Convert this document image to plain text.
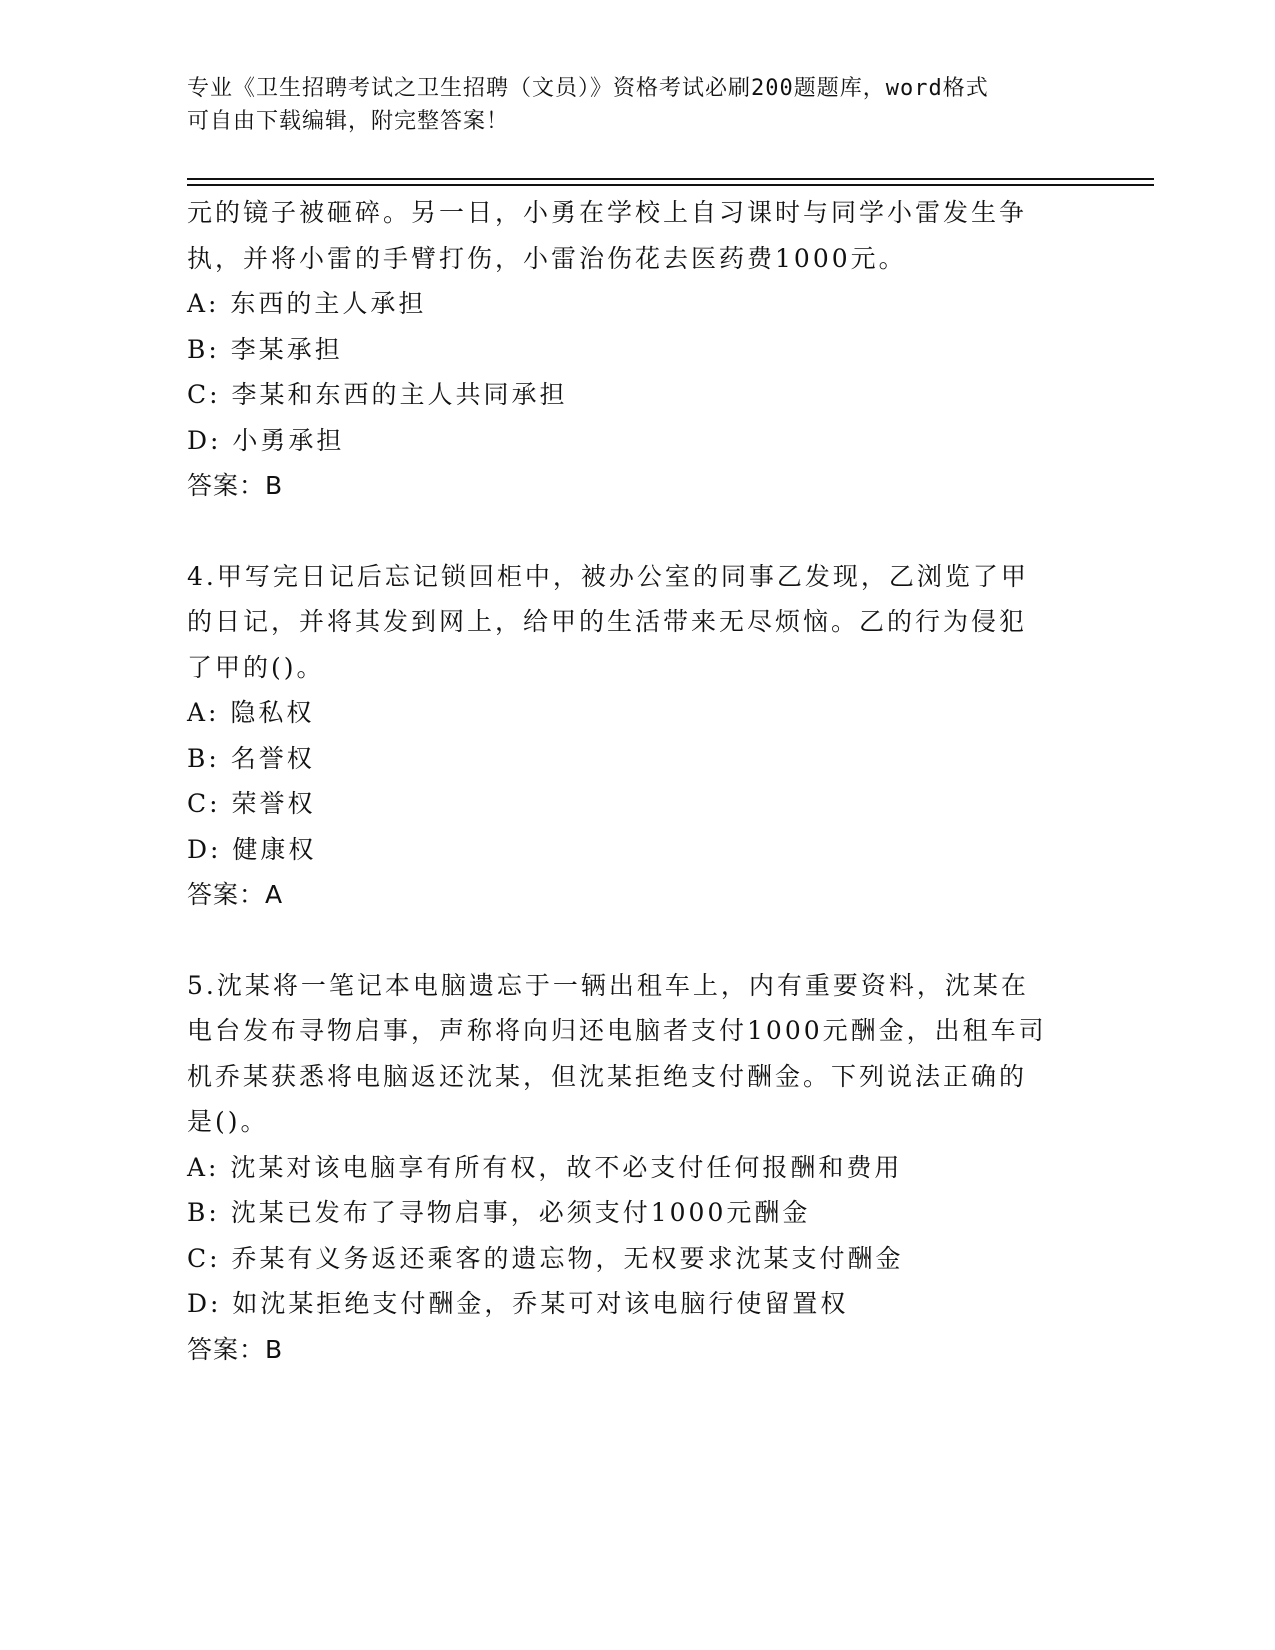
专业《卫生招聘考试之卫生招聘（文员）》资格考试必刷200题题库，word格式
可自由下载编辑，附完整答案！
元的镜子被砸碎。另一日，小勇在学校上自习课时与同学小雷发生争
执，并将小雷的手臂打伤，小雷治伤花去医药费1000元。
A: 东西的主人承担
B: 李某承担
C: 李某和东西的主人共同承担
D: 小勇承担
答案：B
4.甲写完日记后忘记锁回柜中，被办公室的同事乙发现，乙浏览了甲
的日记，并将其发到网上，给甲的生活带来无尽烦恼。乙的行为侵犯
了甲的()。
A: 隐私权
B: 名誉权
C: 荣誉权
D: 健康权
答案：A
5.沈某将一笔记本电脑遗忘于一辆出租车上，内有重要资料，沈某在
电台发布寻物启事，声称将向归还电脑者支付1000元酬金，出租车司
机乔某获悉将电脑返还沈某，但沈某拒绝支付酬金。下列说法正确的
是()。
A: 沈某对该电脑享有所有权，故不必支付任何报酬和费用
B: 沈某已发布了寻物启事，必须支付1000元酬金
C: 乔某有义务返还乘客的遗忘物，无权要求沈某支付酬金
D: 如沈某拒绝支付酬金，乔某可对该电脑行使留置权
答案：B
